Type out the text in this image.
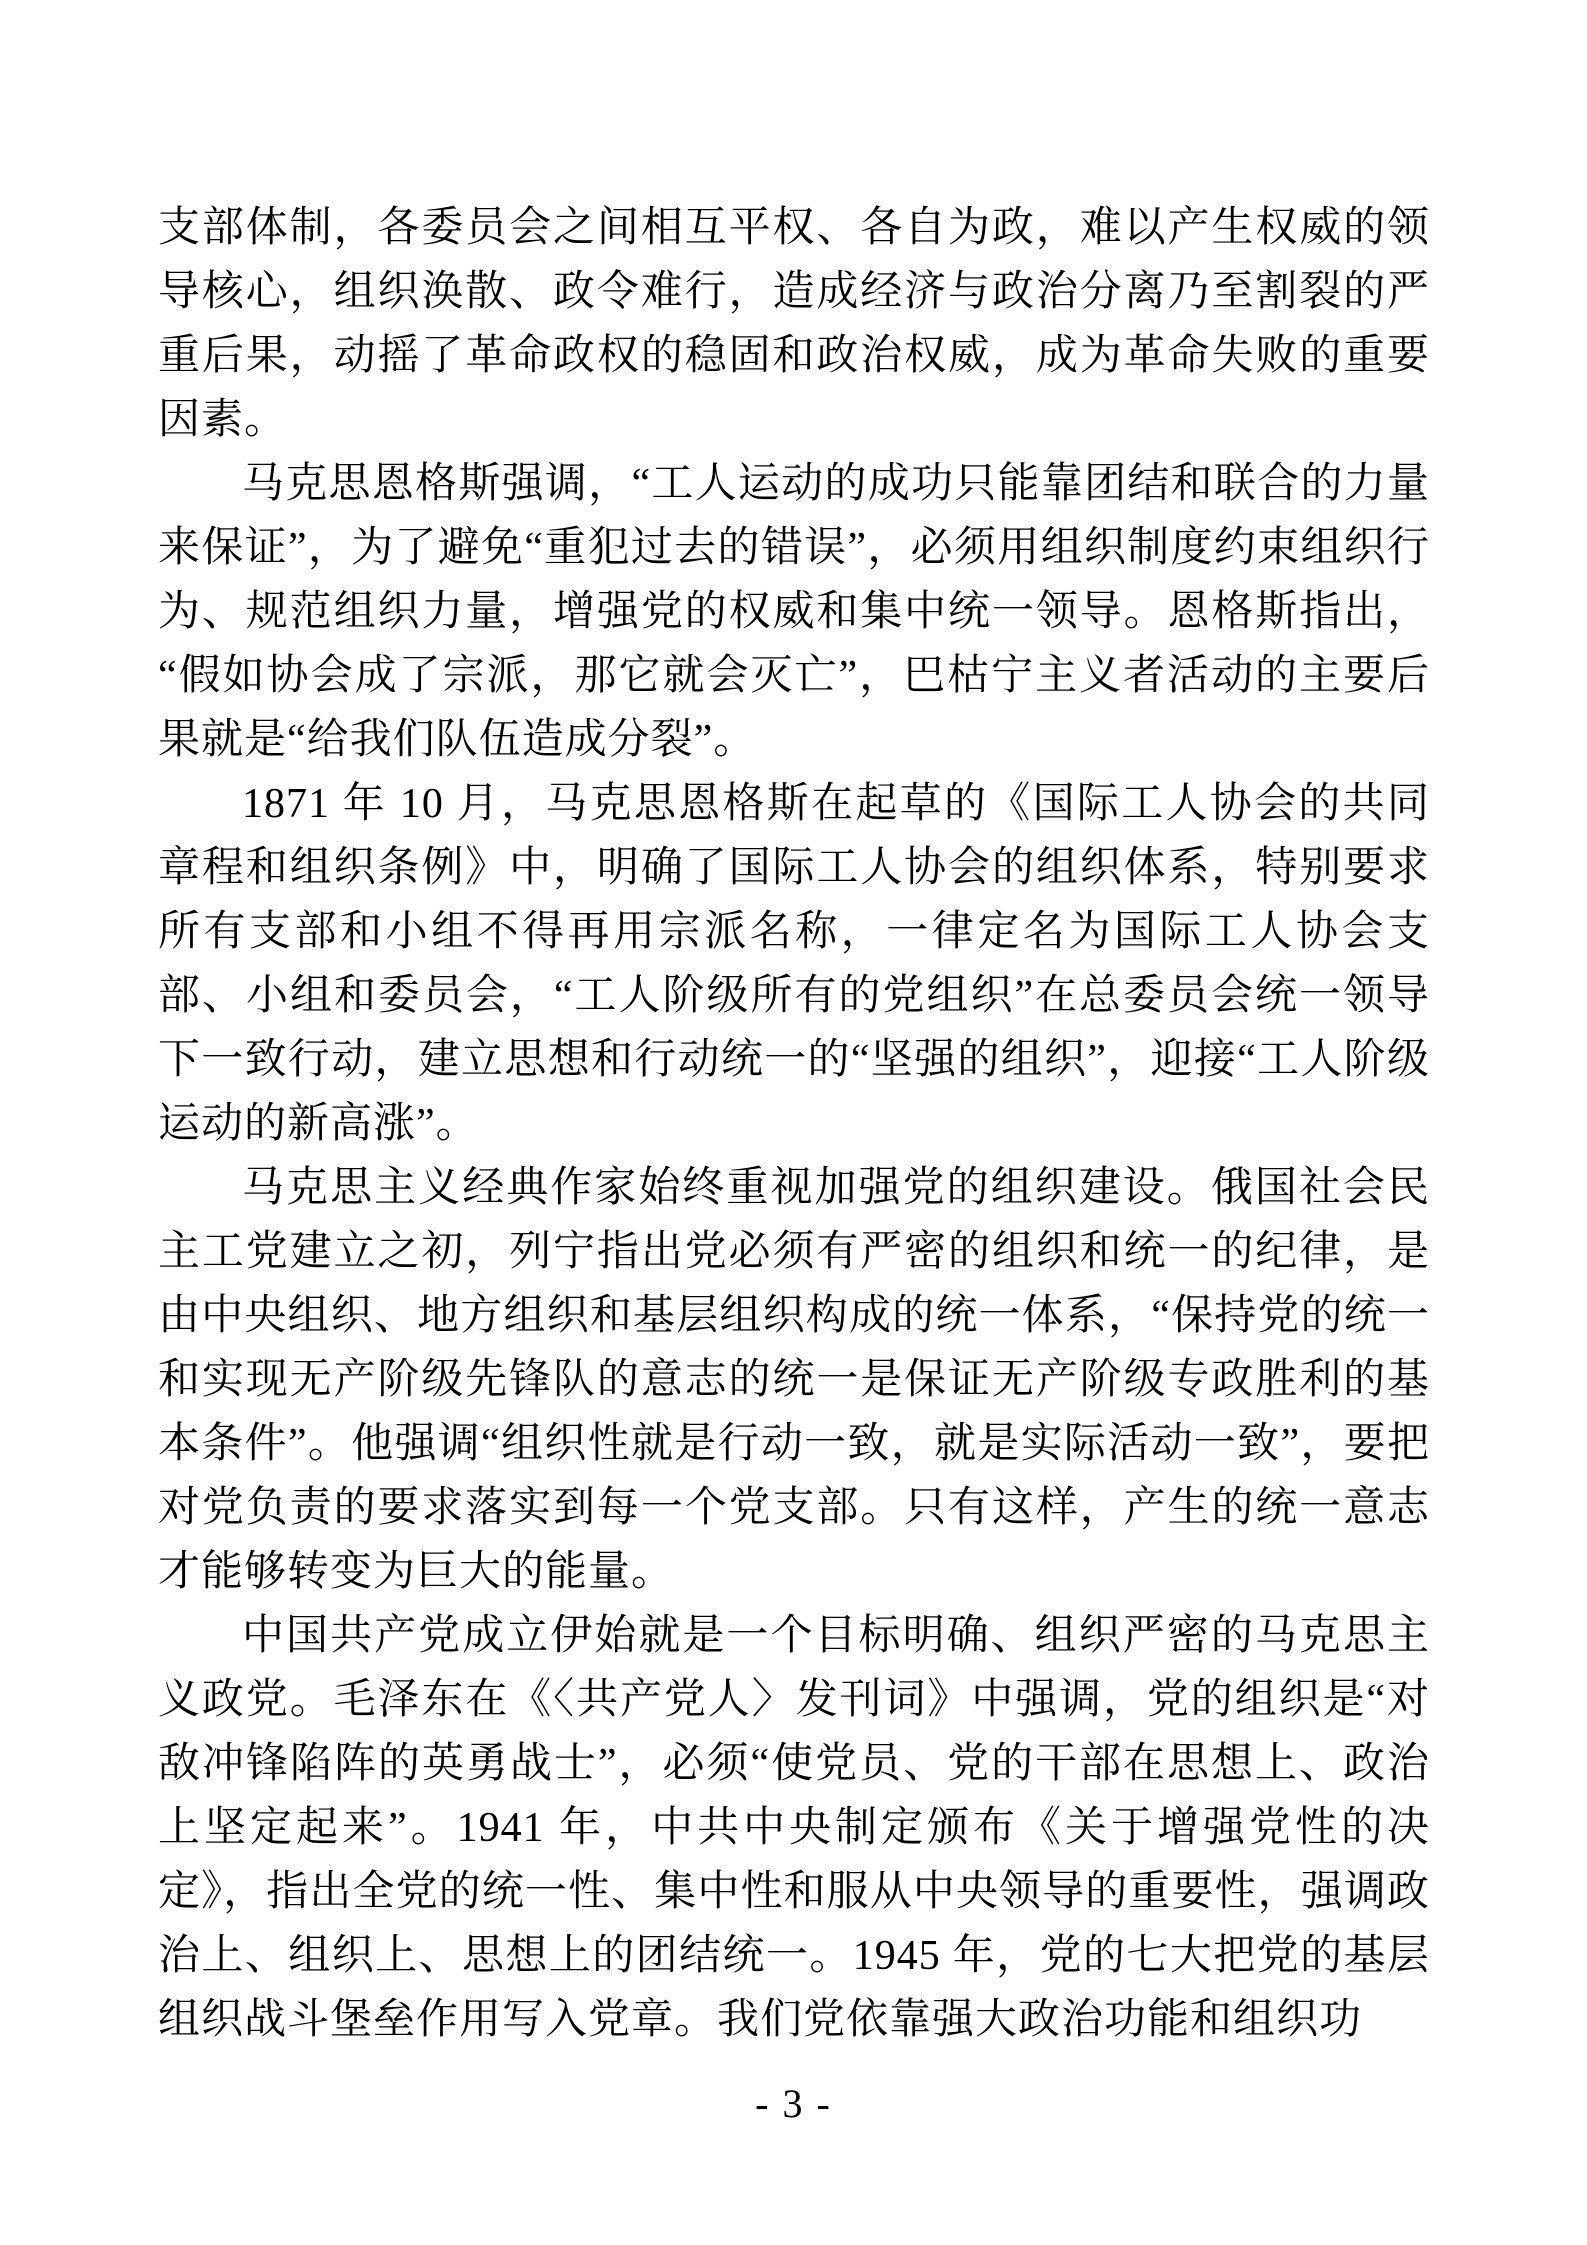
支部体制，各委员会之间相互平权、各自为政，难以产生权威的领导核心，组织涣散、政令难行，造成经济与政治分离乃至割裂的严重后果，动摇了革命政权的稳固和政治权威，成为革命失败的重要因素。

马克思恩格斯强调，“工人运动的成功只能靠团结和联合的力量来保证”，为了避免“重犯过去的错误”，必须用组织制度约束组织行为、规范组织力量，增强党的权威和集中统一领导。恩格斯指出，“假如协会成了宗派，那它就会灭亡”，巴枯宁主义者活动的主要后果就是“给我们队伍造成分裂”。

1871 年 10 月，马克思恩格斯在起草的《国际工人协会的共同章程和组织条例》中，明确了国际工人协会的组织体系，特别要求所有支部和小组不得再用宗派名称，一律定名为国际工人协会支部、小组和委员会，“工人阶级所有的党组织”在总委员会统一领导下一致行动，建立思想和行动统一的“坚强的组织”，迎接“工人阶级运动的新高涨”。

马克思主义经典作家始终重视加强党的组织建设。俄国社会民主工党建立之初，列宁指出党必须有严密的组织和统一的纪律，是由中央组织、地方组织和基层组织构成的统一体系，“保持党的统一和实现无产阶级先锋队的意志的统一是保证无产阶级专政胜利的基本条件”。他强调“组织性就是行动一致，就是实际活动一致”，要把对党负责的要求落实到每一个党支部。只有这样，产生的统一意志才能够转变为巨大的能量。

中国共产党成立伊始就是一个目标明确、组织严密的马克思主义政党。毛泽东在《〈共产党人〉发刊词》中强调，党的组织是“对敌冲锋陷阵的英勇战士”，必须“使党员、党的干部在思想上、政治上坚定起来”。1941 年，中共中央制定颁布《关于增强党性的决定》，指出全党的统一性、集中性和服从中央领导的重要性，强调政治上、组织上、思想上的团结统一。1945 年，党的七大把党的基层组织战斗堡垒作用写入党章。我们党依靠强大政治功能和组织功

- 3 -
